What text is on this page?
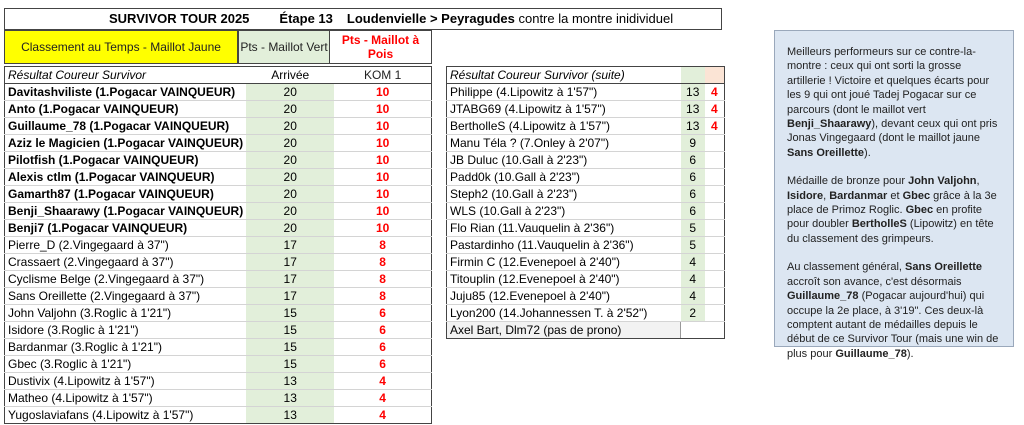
SURVIVOR TOUR 2025 Étape 13 Loudenvielle > Peyragudes contre la montre inidividuel
Classement au Temps - Maillot Jaune	Pts - Maillot Vert	Pts - Maillot à Pois
Résultat Coureur Survivor	Arrivée	KOM 1
Davitashviliste (1.Pogacar VAINQUEUR)	20	10
Anto (1.Pogacar VAINQUEUR)	20	10
Guillaume_78 (1.Pogacar VAINQUEUR)	20	10
Aziz le Magicien (1.Pogacar VAINQUEUR)	20	10
Pilotfish (1.Pogacar VAINQUEUR)	20	10
Alexis ctlm (1.Pogacar VAINQUEUR)	20	10
Gamarth87 (1.Pogacar VAINQUEUR)	20	10
Benji_Shaarawy (1.Pogacar VAINQUEUR)	20	10
Benji7 (1.Pogacar VAINQUEUR)	20	10
Pierre_D (2.Vingegaard à 37")	17	8
Crassaert (2.Vingegaard à 37")	17	8
Cyclisme Belge (2.Vingegaard à 37")	17	8
Sans Oreillette (2.Vingegaard à 37")	17	8
John Valjohn (3.Roglic à 1'21")	15	6
Isidore (3.Roglic à 1'21")	15	6
Bardanmar (3.Roglic à 1'21")	15	6
Gbec (3.Roglic à 1'21")	15	6
Dustivix (4.Lipowitz à 1'57")	13	4
Matheo (4.Lipowitz à 1'57")	13	4
Yugoslaviafans (4.Lipowitz à 1'57")	13	4
Résultat Coureur Survivor (suite)		
Philippe (4.Lipowitz à 1'57")	13	4
JTABG69 (4.Lipowitz à 1'57")	13	4
BertholleS (4.Lipowitz à 1'57")	13	4
Manu Téla ? (7.Onley à 2'07")	9	
JB Duluc (10.Gall à 2'23")	6	
Padd0k (10.Gall à 2'23")	6	
Steph2 (10.Gall à 2'23")	6	
WLS (10.Gall à 2'23")	6	
Flo Rian (11.Vauquelin à 2'36")	5	
Pastardinho (11.Vauquelin à 2'36")	5	
Firmin C (12.Evenepoel à 2'40")	4	
Titouplin (12.Evenepoel à 2'40")	4	
Juju85 (12.Evenepoel à 2'40")	4	
Lyon200 (14.Johannessen T. à 2'52")	2	
Axel Bart, Dlm72 (pas de prono)		

Meilleurs performeurs sur ce contre-la-montre : ceux qui ont sorti la grosse artillerie ! Victoire et quelques écarts pour les 9 qui ont joué Tadej Pogacar sur ce parcours (dont le maillot vert Benji_Shaarawy), devant ceux qui ont pris Jonas Vingegaard (dont le maillot jaune Sans Oreillette).

Médaille de bronze pour John Valjohn, Isidore, Bardanmar et Gbec grâce à la 3e place de Primoz Roglic. Gbec en profite pour doubler BertholleS (Lipowitz) en tête du classement des grimpeurs.

Au classement général, Sans Oreillette accroît son avance, c'est désormais Guillaume_78 (Pogacar aujourd'hui) qui occupe la 2e place, à 3'19". Ces deux-là comptent autant de médailles depuis le début de ce Survivor Tour (mais une win de plus pour Guillaume_78).
